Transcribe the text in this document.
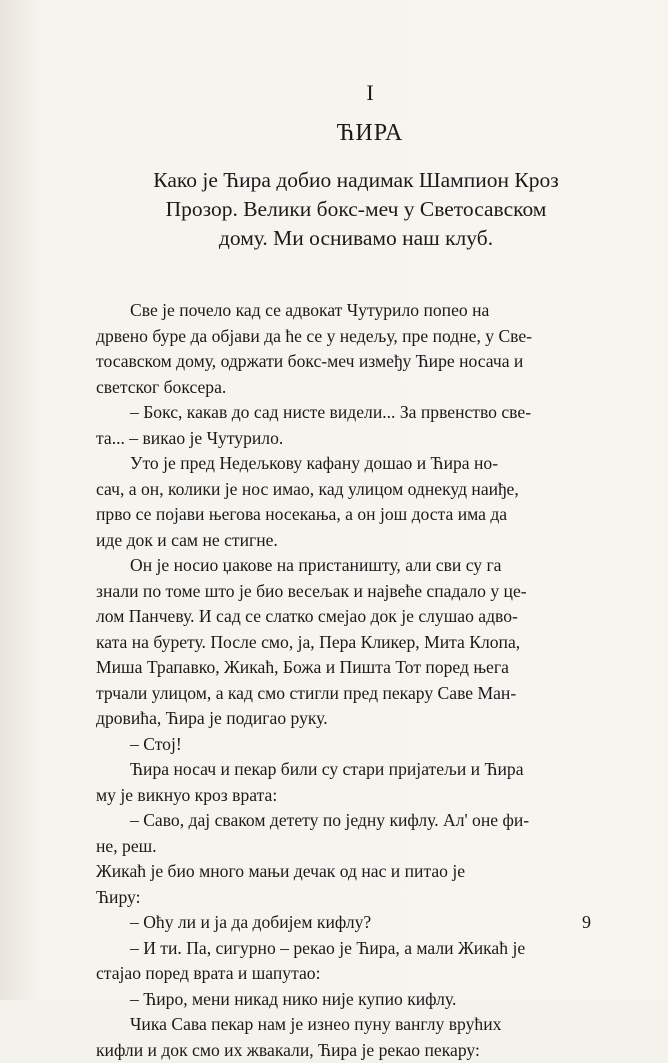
I
ЋИРА
Како је Ћира добио надимак Шампион Кроз
Прозор. Велики бокс-меч у Светосавском
дому. Ми оснивамо наш клуб.
Све је почело кад се адвокат Чутурило попео на
дрвено буре да објави да ће се у недељу, пре подне, у Све-
тосавском дому, одржати бокс-меч између Ћире носача и
светског боксера.
– Бокс, какав до сад нисте видели... За првенство све-
та... – викао је Чутурило.
Уто је пред Недељкову кафану дошао и Ћира но-
сач, а он, колики је нос имао, кад улицом однекуд наиђе,
прво се појави његова носекања, а он још доста има да
иде док и сам не стигне.
Он је носио џакове на пристаништу, али сви су га
знали по томе што је био весељак и највеће спадало у це-
лом Панчеву. И сад се слатко смејао док је слушао адво-
ката на бурету. После смо, ја, Пера Кликер, Мита Клопа,
Миша Трапавко, Жикаћ, Божа и Пишта Тот поред њега
трчали улицом, а кад смо стигли пред пекару Саве Ман-
дровића, Ћира је подигао руку.
– Стој!
Ћира носач и пекар били су стари пријатељи и Ћира
му је викнуо кроз врата:
– Саво, дај сваком детету по једну кифлу. Ал' оне фи-
не, реш.
Жикаћ је био много мањи дечак од нас и питао је
Ћиру:
– Оћу ли и ја да добијем кифлу?
– И ти. Па, сигурно – рекао је Ћира, а мали Жикаћ је
стајао поред врата и шапутао:
– Ћиро, мени никад нико није купио кифлу.
Чика Сава пекар нам је изнео пуну ванглу врућих
кифли и док смо их жвакали, Ћира је рекао пекару:
9
